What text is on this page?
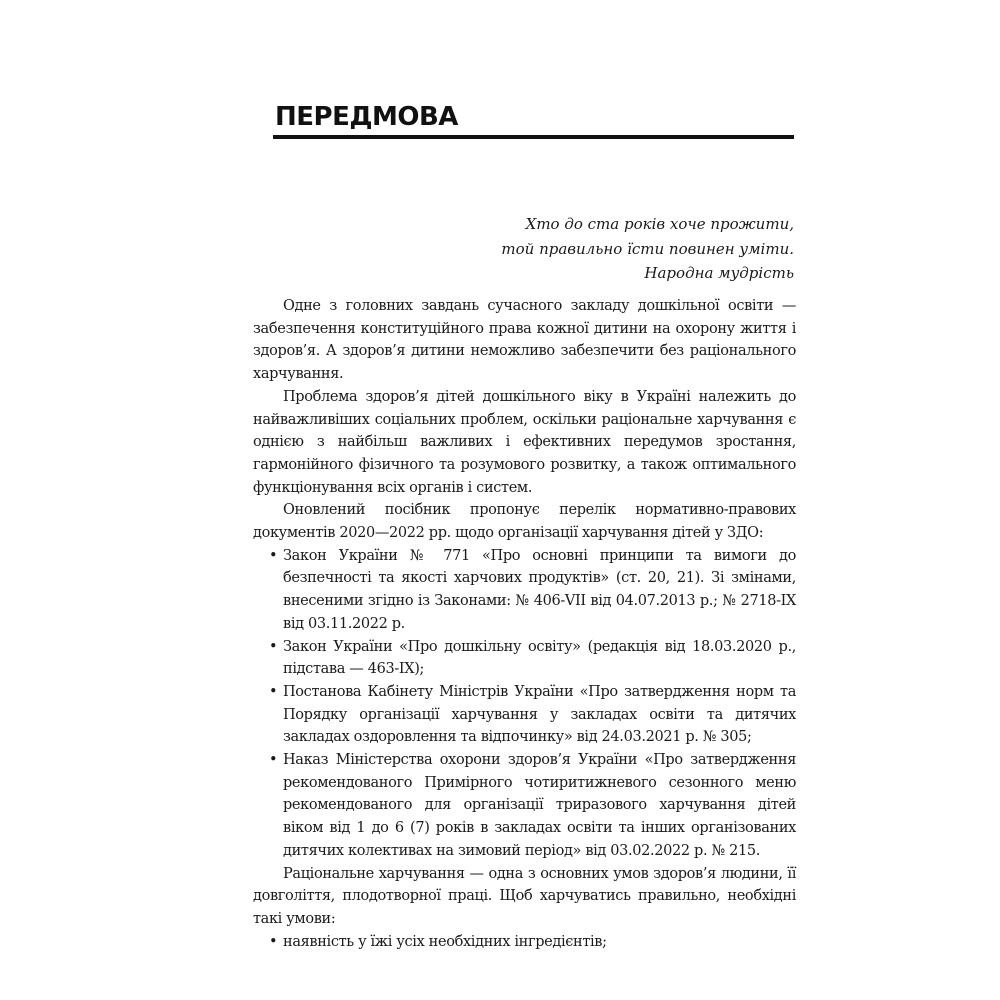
ПЕРЕДМОВА
Хто до ста років хоче прожити,
той правильно їсти повинен уміти.
Народна мудрість

Одне з головних завдань сучасного закладу дошкільної освіти — забезпечення конституційного права кожної дитини на охорону життя і здоров’я. А здоров’я дитини неможливо забезпечити без раціонального харчування.

Проблема здоров’я дітей дошкільного віку в Україні належить до найважливіших соціальних проблем, оскільки раціональне харчування є однією з найбільш важливих і ефективних передумов зростання, гармонійного фізичного та розумового розвитку, а також оптимального функціонування всіх органів і систем.

Оновлений посібник пропонує перелік нормативно-правових документів 2020—2022 рр. щодо організації харчування дітей у ЗДО:

• Закон України № 771 «Про основні принципи та вимоги до безпечності та якості харчових продуктів» (ст. 20, 21). Зі змінами, внесеними згідно із Законами: № 406-VII від 04.07.2013 р.; № 2718-IX від 03.11.2022 р.
• Закон України «Про дошкільну освіту» (редакція від 18.03.2020 р., підстава — 463-IX);
• Постанова Кабінету Міністрів України «Про затвердження норм та Порядку організації харчування у закладах освіти та дитячих закладах оздоровлення та відпочинку» від 24.03.2021 р. № 305;
• Наказ Міністерства охорони здоров’я України «Про затвердження рекомендованого Примірного чотиритижневого сезонного меню рекомендованого для організації триразового харчування дітей віком від 1 до 6 (7) років в закладах освіти та інших організованих дитячих колективах на зимовий період» від 03.02.2022 р. № 215.

Раціональне харчування — одна з основних умов здоров’я людини, її довголіття, плодотворної праці. Щоб харчуватись правильно, необхідні такі умови:

• наявність у їжі усіх необхідних інгредієнтів;
